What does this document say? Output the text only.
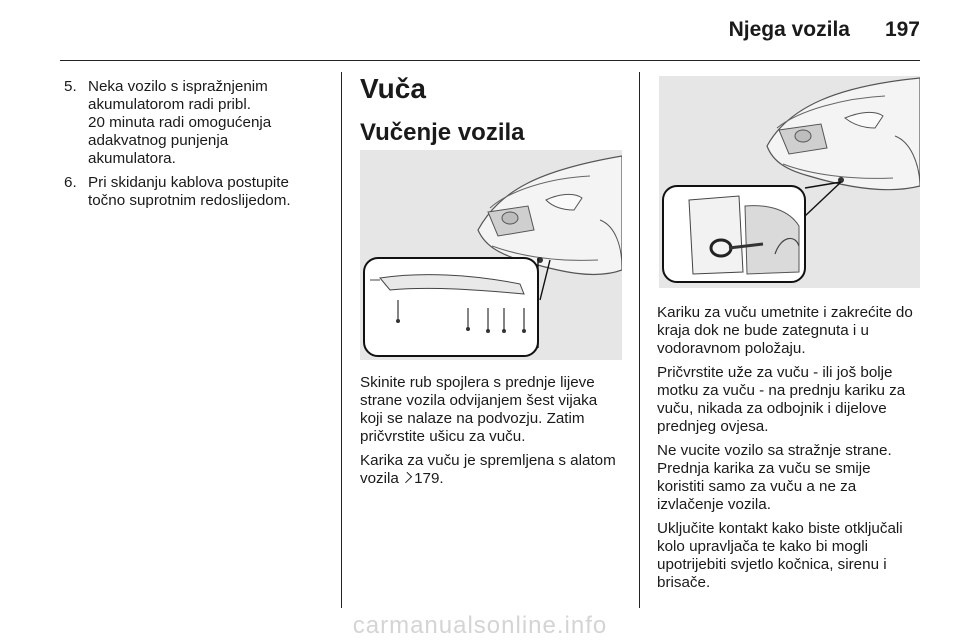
Njega vozila 197
5. Neka vozilo s ispražnjenim
akumulatorom radi pribl.
20 minuta radi omogućenja
adakvatnog punjenja
akumulatora.
6. Pri skidanju kablova postupite
točno suprotnim redoslijedom.
Vuča
Vučenje vozila

Skinite rub spojlera s prednje lijeve
strane vozila odvijanjem šest vijaka
koji se nalaze na podvozju. Zatim
pričvrstite ušicu za vuču.

Karika za vuču je spremljena s alatom
vozila 179.

Kariku za vuču umetnite i zakrećite do
kraja dok ne bude zategnuta i u
vodoravnom položaju.

Pričvrstite uže za vuču - ili još bolje
motku za vuču - na prednju kariku za
vuču, nikada za odbojnik i dijelove
prednjeg ovjesa.

Ne vucite vozilo sa stražnje strane.
Prednja karika za vuču se smije
koristiti samo za vuču a ne za
izvlačenje vozila.

Uključite kontakt kako biste otključali
kolo upravljača te kako bi mogli
upotrijebiti svjetlo kočnica, sirenu i
brisače.

carmanualsonline.info
